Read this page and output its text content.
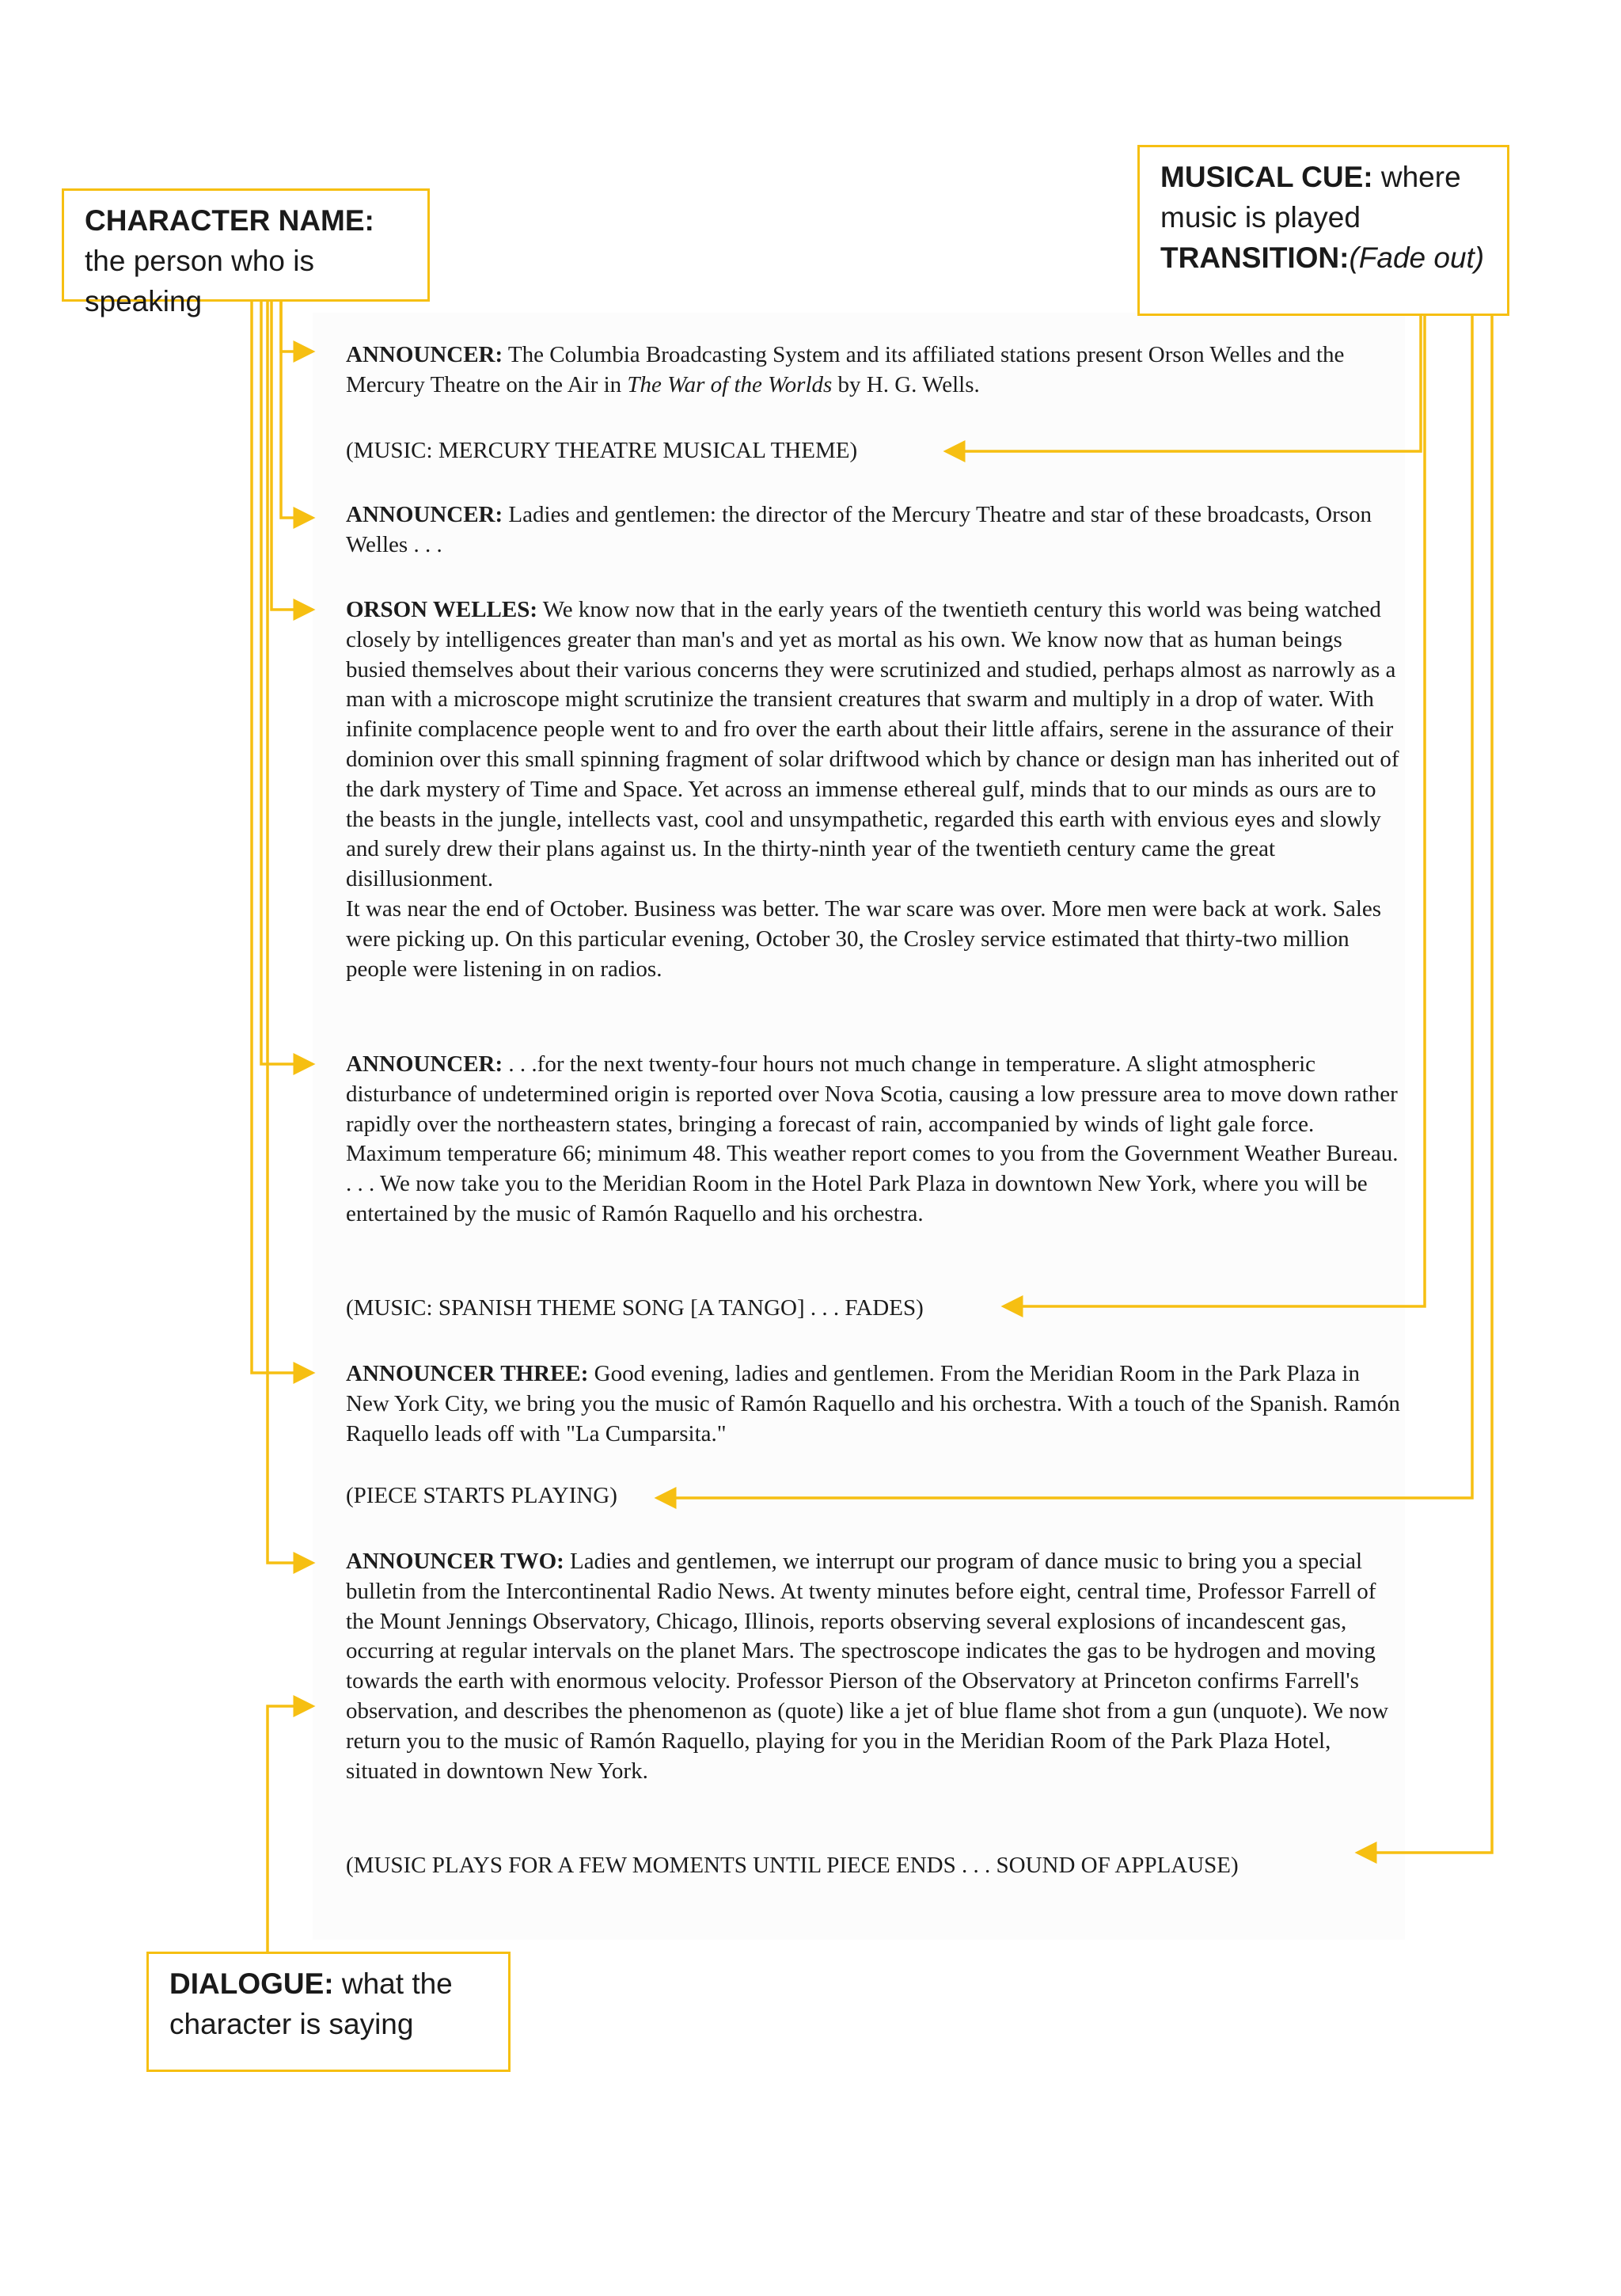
ANNOUNCER: The Columbia Broadcasting System and its affiliated stations present Orson Welles and the Mercury Theatre on the Air in The War of the Worlds by H. G. Wells.

(MUSIC: MERCURY THEATRE MUSICAL THEME)

ANNOUNCER: Ladies and gentlemen: the director of the Mercury Theatre and star of these broadcasts, Orson Welles . . .

ORSON WELLES: We know now that in the early years of the twentieth century this world was being watched closely by intelligences greater than man's and yet as mortal as his own. We know now that as human beings busied themselves about their various concerns they were scrutinized and studied, perhaps almost as narrowly as a man with a microscope might scrutinize the transient creatures that swarm and multiply in a drop of water. With infinite complacence people went to and fro over the earth about their little affairs, serene in the assurance of their dominion over this small spinning fragment of solar driftwood which by chance or design man has inherited out of the dark mystery of Time and Space. Yet across an immense ethereal gulf, minds that to our minds as ours are to the beasts in the jungle, intellects vast, cool and unsympathetic, regarded this earth with envious eyes and slowly and surely drew their plans against us. In the thirty-ninth year of the twentieth century came the great disillusionment.
It was near the end of October. Business was better. The war scare was over. More men were back at work. Sales were picking up. On this particular evening, October 30, the Crosley service estimated that thirty-two million people were listening in on radios.

ANNOUNCER: . . .for the next twenty-four hours not much change in temperature. A slight atmospheric disturbance of undetermined origin is reported over Nova Scotia, causing a low pressure area to move down rather rapidly over the northeastern states, bringing a forecast of rain, accompanied by winds of light gale force. Maximum temperature 66; minimum 48. This weather report comes to you from the Government Weather Bureau. . . . We now take you to the Meridian Room in the Hotel Park Plaza in downtown New York, where you will be entertained by the music of Ramón Raquello and his orchestra.

(MUSIC: SPANISH THEME SONG [A TANGO] . . . FADES)

ANNOUNCER THREE: Good evening, ladies and gentlemen. From the Meridian Room in the Park Plaza in New York City, we bring you the music of Ramón Raquello and his orchestra. With a touch of the Spanish. Ramón Raquello leads off with "La Cumparsita."

(PIECE STARTS PLAYING)

ANNOUNCER TWO: Ladies and gentlemen, we interrupt our program of dance music to bring you a special bulletin from the Intercontinental Radio News. At twenty minutes before eight, central time, Professor Farrell of the Mount Jennings Observatory, Chicago, Illinois, reports observing several explosions of incandescent gas, occurring at regular intervals on the planet Mars. The spectroscope indicates the gas to be hydrogen and moving towards the earth with enormous velocity. Professor Pierson of the Observatory at Princeton confirms Farrell's observation, and describes the phenomenon as (quote) like a jet of blue flame shot from a gun (unquote). We now return you to the music of Ramón Raquello, playing for you in the Meridian Room of the Park Plaza Hotel, situated in downtown New York.

(MUSIC PLAYS FOR A FEW MOMENTS UNTIL PIECE ENDS . . . SOUND OF APPLAUSE)

CHARACTER NAME: the person who is speaking
MUSICAL CUE: where music is played
TRANSITION:(Fade out)
DIALOGUE: what the character is saying
